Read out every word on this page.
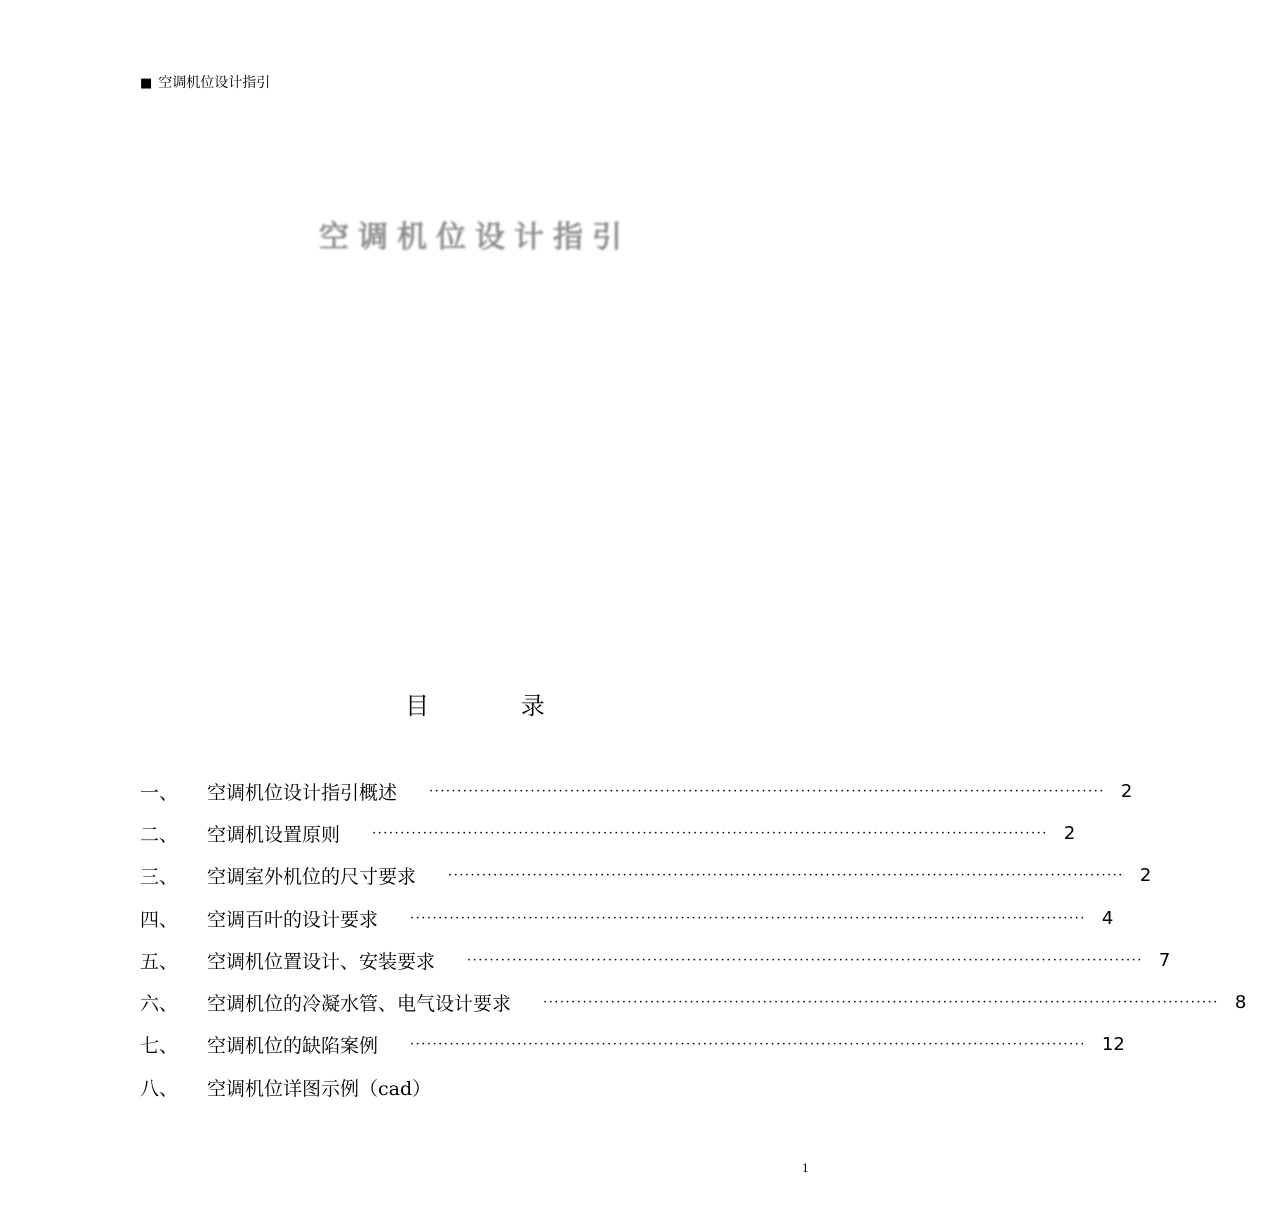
■ 空调机位设计指引
空调机位设计指引
目 录
一、	空调机位设计指引概述	························································································································ 2
二、	空调机设置原则	························································································································ 2
三、	空调室外机位的尺寸要求	························································································································ 2
四、	空调百叶的设计要求	························································································································ 4
五、	空调机位置设计、安装要求	························································································································ 7
六、	空调机位的冷凝水管、电气设计要求	························································································································ 8
七、	空调机位的缺陷案例	························································································································ 12
八、	空调机位详图示例（cad）
1
